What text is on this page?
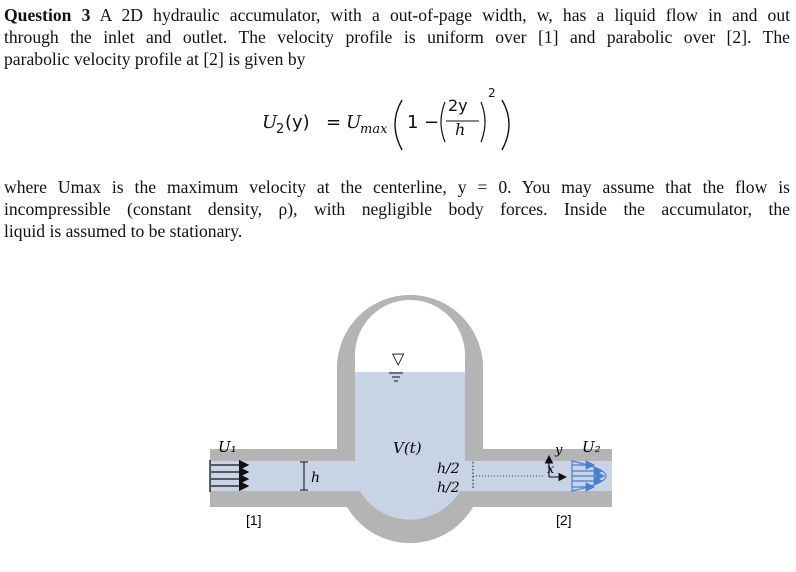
Question 3 A 2D hydraulic accumulator, with a out-of-page width, w, has a liquid flow in and out
through the inlet and outlet. The velocity profile is uniform over [1] and parabolic over [2]. The
parabolic velocity profile at [2] is given by
U
2 (y) = U
max 1 −
2y
h
2
where Umax is the maximum velocity at the centerline, y = 0. You may assume that the flow is
incompressible (constant density, ρ), with negligible body forces. Inside the accumulator, the
liquid is assumed to be stationary.
▽
h
h/2
h/2
y
x
U₁	U₂
V(t)
[1]	[2]
